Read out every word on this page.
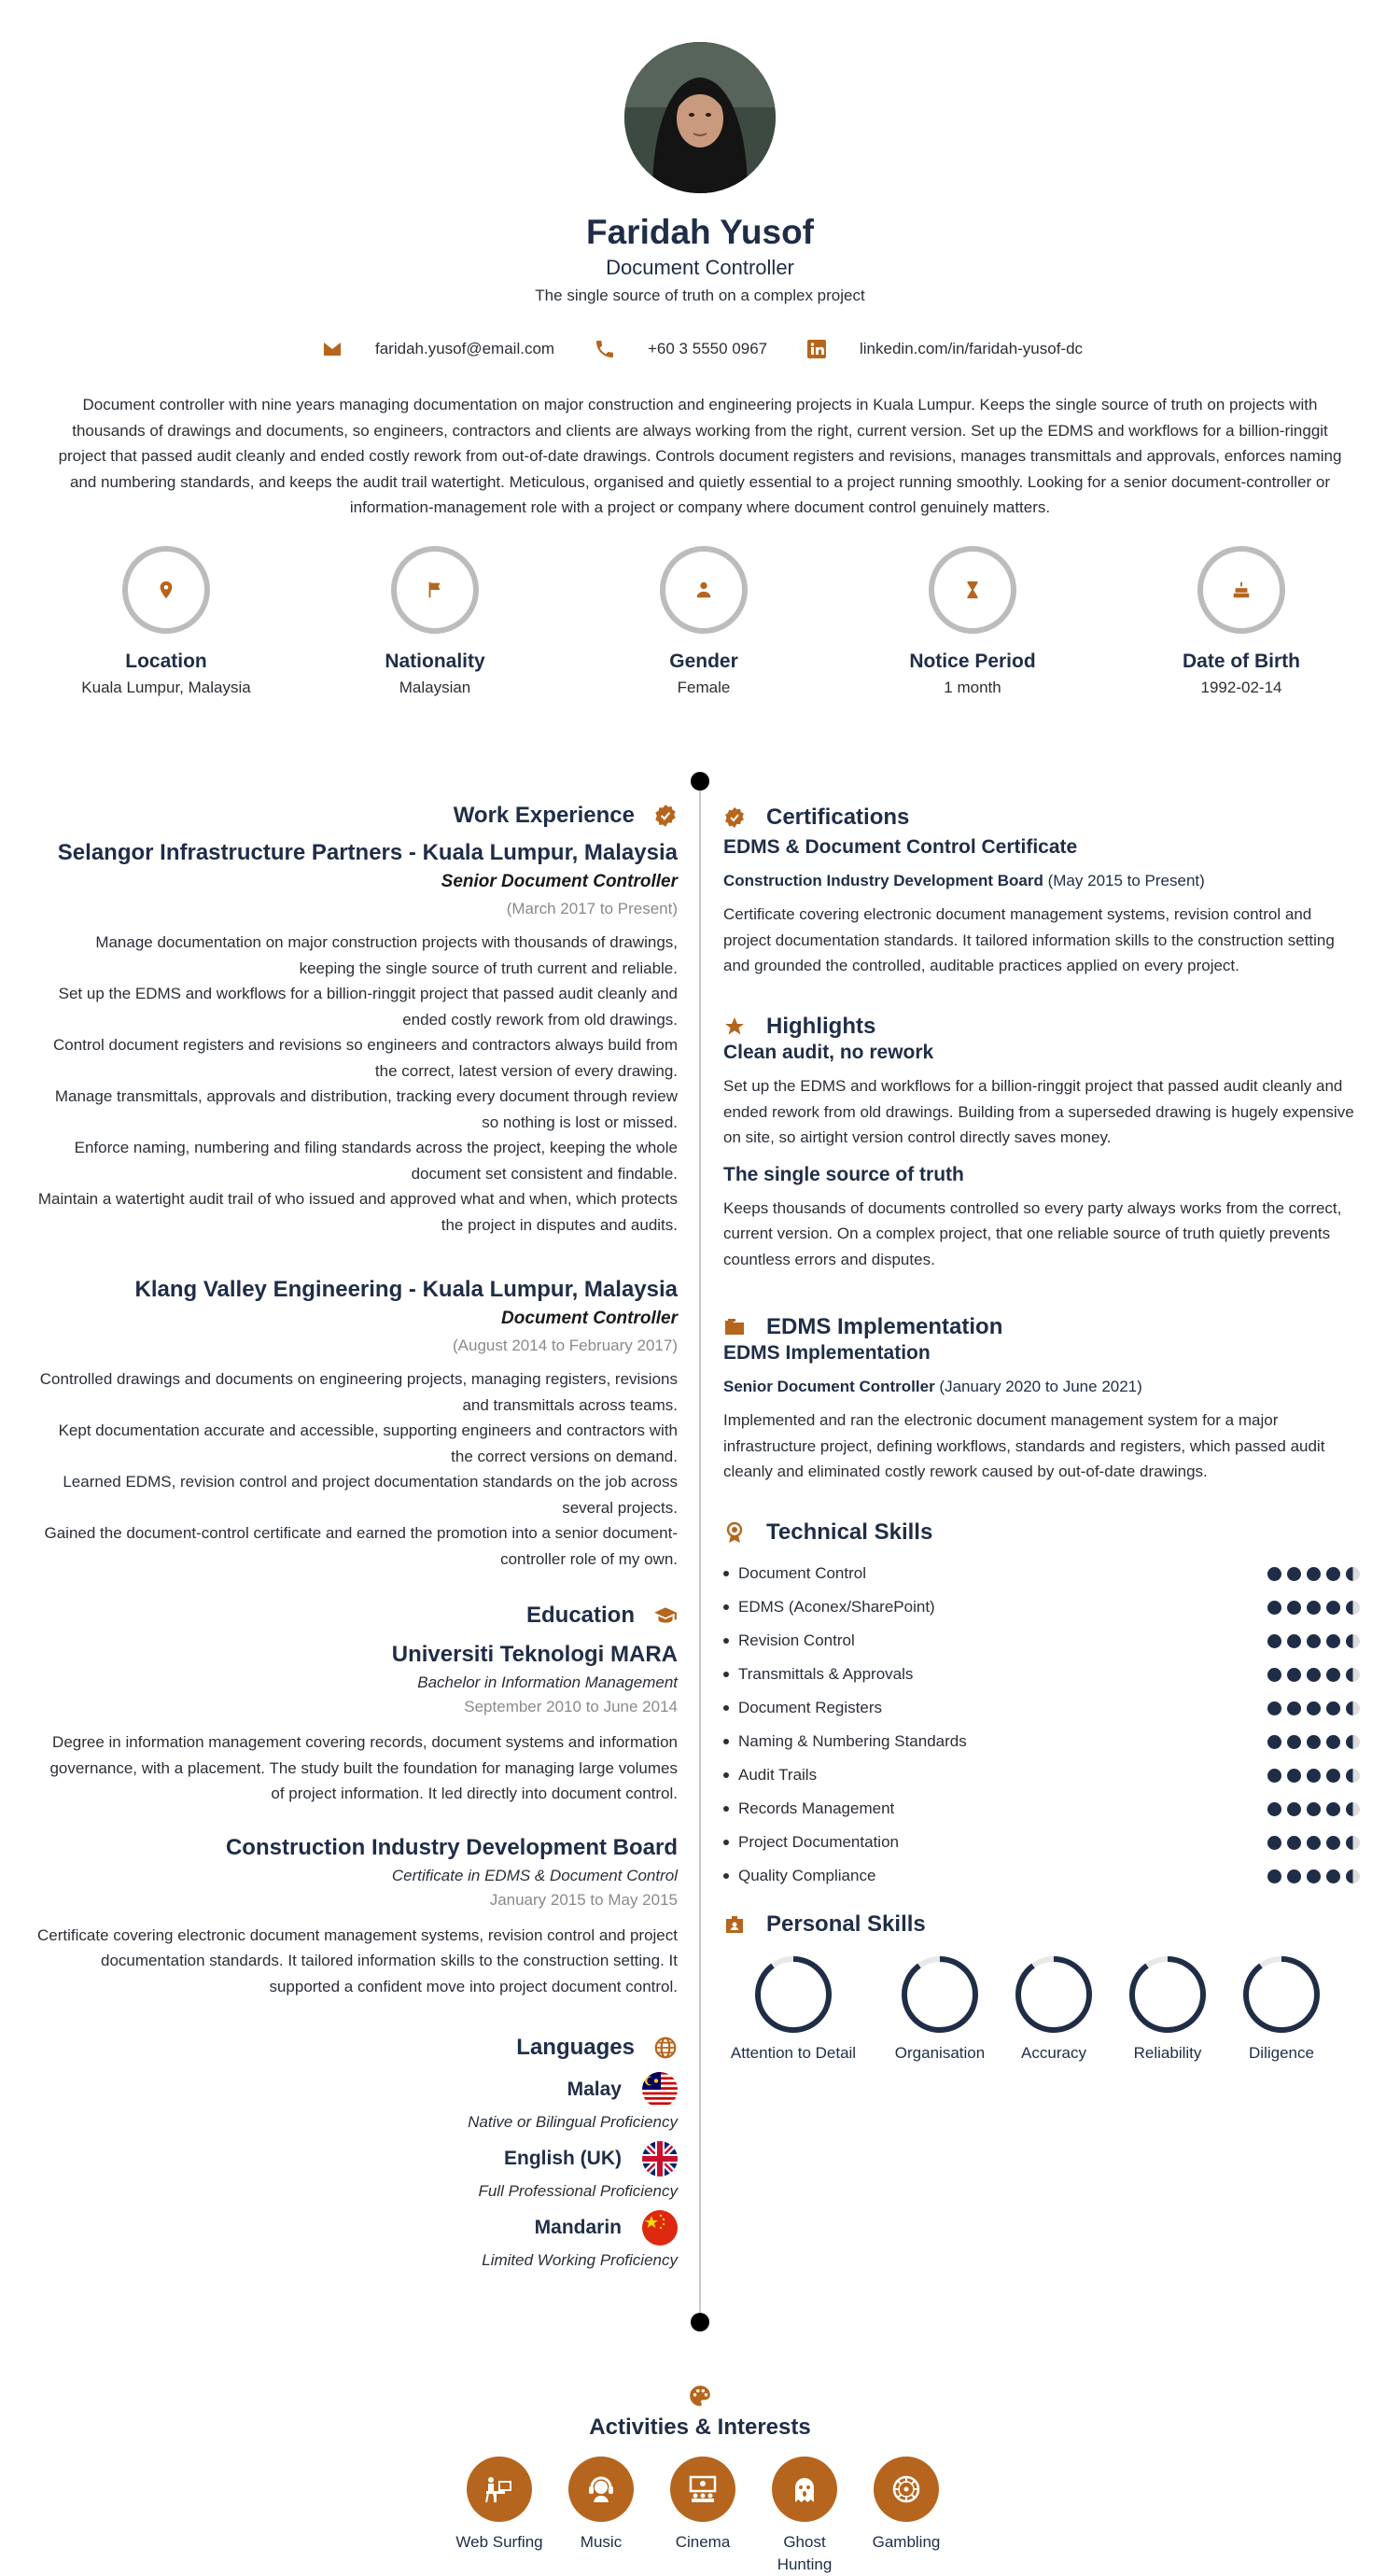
Faridah Yusof
Document Controller
The single source of truth on a complex project
faridah.yusof@email.com	+60 3 5550 0967	linkedin.com/in/faridah-yusof-dc
Document controller with nine years managing documentation on major construction and engineering projects in Kuala Lumpur. Keeps the single source of truth on projects with thousands of drawings and documents, so engineers, contractors and clients are always working from the right, current version. Set up the EDMS and workflows for a billion-ringgit project that passed audit cleanly and ended costly rework from out-of-date drawings. Controls document registers and revisions, manages transmittals and approvals, enforces naming and numbering standards, and keeps the audit trail watertight. Meticulous, organised and quietly essential to a project running smoothly. Looking for a senior document-controller or information-management role with a project or company where document control genuinely matters.
Location
Kuala Lumpur, Malaysia
Nationality
Malaysian
Gender
Female
Notice Period
1 month
Date of Birth
1992-02-14
Work Experience
Selangor Infrastructure Partners - Kuala Lumpur, Malaysia
Senior Document Controller
(March 2017 to Present)
Manage documentation on major construction projects with thousands of drawings, keeping the single source of truth current and reliable.
Set up the EDMS and workflows for a billion-ringgit project that passed audit cleanly and ended costly rework from old drawings.
Control document registers and revisions so engineers and contractors always build from the correct, latest version of every drawing.
Manage transmittals, approvals and distribution, tracking every document through review so nothing is lost or missed.
Enforce naming, numbering and filing standards across the project, keeping the whole document set consistent and findable.
Maintain a watertight audit trail of who issued and approved what and when, which protects the project in disputes and audits.
Klang Valley Engineering - Kuala Lumpur, Malaysia
Document Controller
(August 2014 to February 2017)
Controlled drawings and documents on engineering projects, managing registers, revisions and transmittals across teams.
Kept documentation accurate and accessible, supporting engineers and contractors with the correct versions on demand.
Learned EDMS, revision control and project documentation standards on the job across several projects.
Gained the document-control certificate and earned the promotion into a senior document-controller role of my own.
Education
Universiti Teknologi MARA
Bachelor in Information Management
September 2010 to June 2014
Degree in information management covering records, document systems and information governance, with a placement. The study built the foundation for managing large volumes of project information. It led directly into document control.
Construction Industry Development Board
Certificate in EDMS & Document Control
January 2015 to May 2015
Certificate covering electronic document management systems, revision control and project documentation standards. It tailored information skills to the construction setting. It supported a confident move into project document control.
Languages
Malay
Native or Bilingual Proficiency
English (UK)
Full Professional Proficiency
Mandarin
Limited Working Proficiency
Certifications
EDMS & Document Control Certificate
Construction Industry Development Board (May 2015 to Present)
Certificate covering electronic document management systems, revision control and project documentation standards. It tailored information skills to the construction setting and grounded the controlled, auditable practices applied on every project.
Highlights
Clean audit, no rework
Set up the EDMS and workflows for a billion-ringgit project that passed audit cleanly and ended rework from old drawings. Building from a superseded drawing is hugely expensive on site, so airtight version control directly saves money.
The single source of truth
Keeps thousands of documents controlled so every party always works from the correct, current version. On a complex project, that one reliable source of truth quietly prevents countless errors and disputes.
EDMS Implementation
EDMS Implementation
Senior Document Controller (January 2020 to June 2021)
Implemented and ran the electronic document management system for a major infrastructure project, defining workflows, standards and registers, which passed audit cleanly and eliminated costly rework caused by out-of-date drawings.
Technical Skills
Document Control
EDMS (Aconex/SharePoint)
Revision Control
Transmittals & Approvals
Document Registers
Naming & Numbering Standards
Audit Trails
Records Management
Project Documentation
Quality Compliance
Personal Skills
Attention to Detail	Organisation	Accuracy	Reliability	Diligence
Activities & Interests
Web Surfing	Music	Cinema	Ghost Hunting
Gambling
